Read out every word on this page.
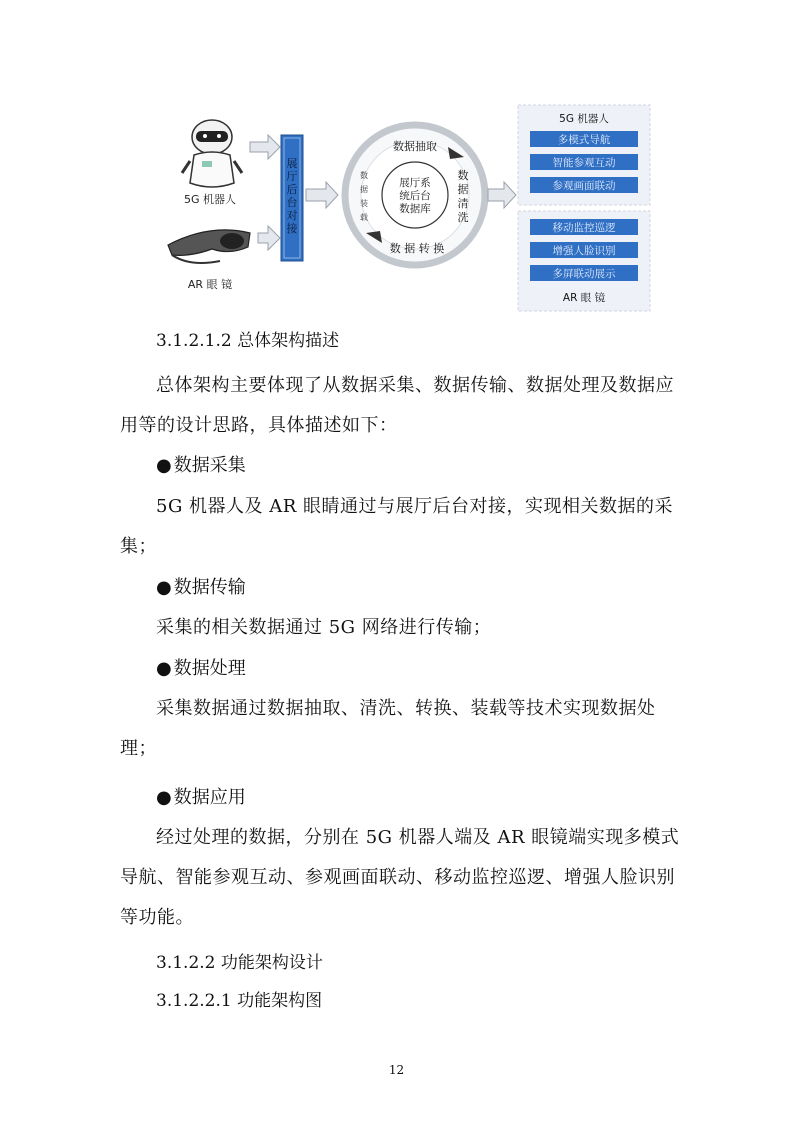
5G 机器人
AR 眼 镜
展
厅
后
台
对
接
展厅系
统后台
数据库
数据抽取
数 据 转 换
数
据
装
载
数
据
清
洗
5G 机器人
多模式导航
智能参观互动
参观画面联动
移动监控巡逻
增强人脸识别
多屏联动展示
AR 眼 镜

3.1.2.1.2 总体架构描述

总体架构主要体现了从数据采集、数据传输、数据处理及数据应用等的设计思路，具体描述如下：

● 数据采集

5G 机器人及 AR 眼睛通过与展厅后台对接，实现相关数据的采集；

● 数据传输

采集的相关数据通过 5G 网络进行传输；

● 数据处理

采集数据通过数据抽取、清洗、转换、装载等技术实现数据处理；

● 数据应用

经过处理的数据，分别在 5G 机器人端及 AR 眼镜端实现多模式导航、智能参观互动、参观画面联动、移动监控巡逻、增强人脸识别等功能。

3.1.2.2 功能架构设计

3.1.2.2.1 功能架构图

12
